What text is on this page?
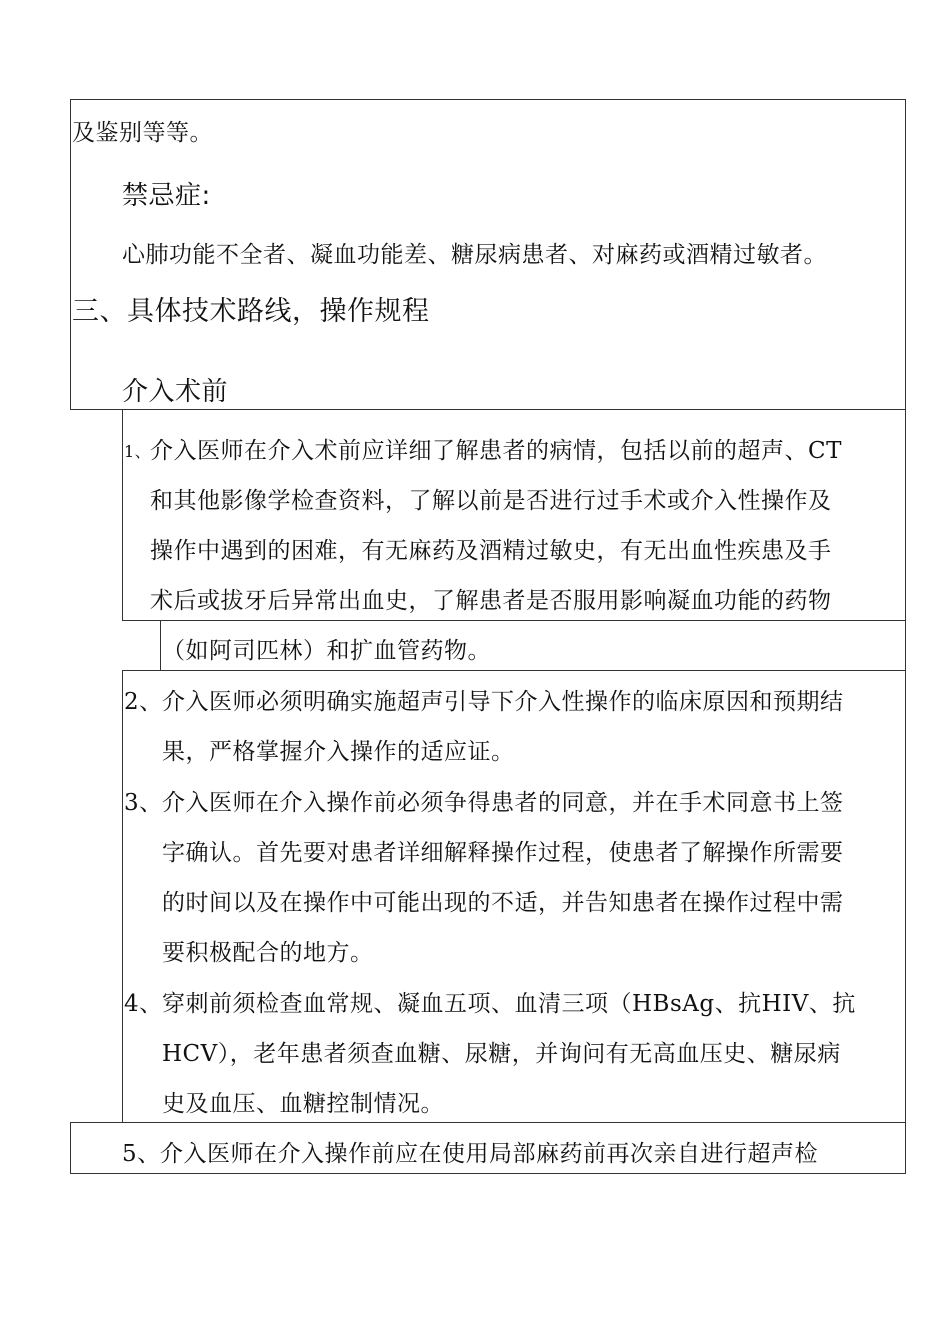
及鉴别等等。
禁忌症:
心肺功能不全者、凝血功能差、糖尿病患者、对麻药或酒精过敏者。
三、具体技术路线，操作规程
介入术前
1、
介入医师在介入术前应详细了解患者的病情，包括以前的超声、CT
和其他影像学检查资料，了解以前是否进行过手术或介入性操作及
操作中遇到的困难，有无麻药及酒精过敏史，有无出血性疾患及手
术后或拔牙后异常出血史，了解患者是否服用影响凝血功能的药物
（如阿司匹林）和扩血管药物。
2、 介入医师必须明确实施超声引导下介入性操作的临床原因和预期结
果，严格掌握介入操作的适应证。
3、 介入医师在介入操作前必须争得患者的同意，并在手术同意书上签
字确认。首先要对患者详细解释操作过程，使患者了解操作所需要
的时间以及在操作中可能出现的不适，并告知患者在操作过程中需
要积极配合的地方。
4、 穿刺前须检查血常规、凝血五项、血清三项（HBsAg、抗HIV、抗
HCV），老年患者须查血糖、尿糖，并询问有无高血压史、糖尿病
史及血压、血糖控制情况。
5、 介入医师在介入操作前应在使用局部麻药前再次亲自进行超声检
